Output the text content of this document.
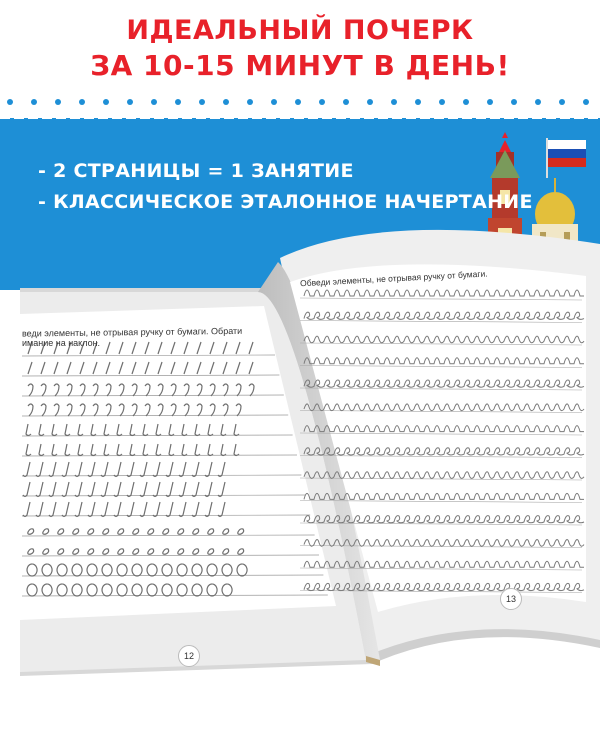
ИДЕАЛЬНЫЙ ПОЧЕРК
ЗА 10-15 МИНУТ В ДЕНЬ!
- 2 СТРАНИЦЫ = 1 ЗАНЯТИЕ
- КЛАССИЧЕСКОЕ ЭТАЛОННОЕ НАЧЕРТАНИЕ
веди элементы, не отрывая ручку от бумаги. Обрати
имание на наклон.
Обведи элементы, не отрывая ручку от бумаги.
12
13
